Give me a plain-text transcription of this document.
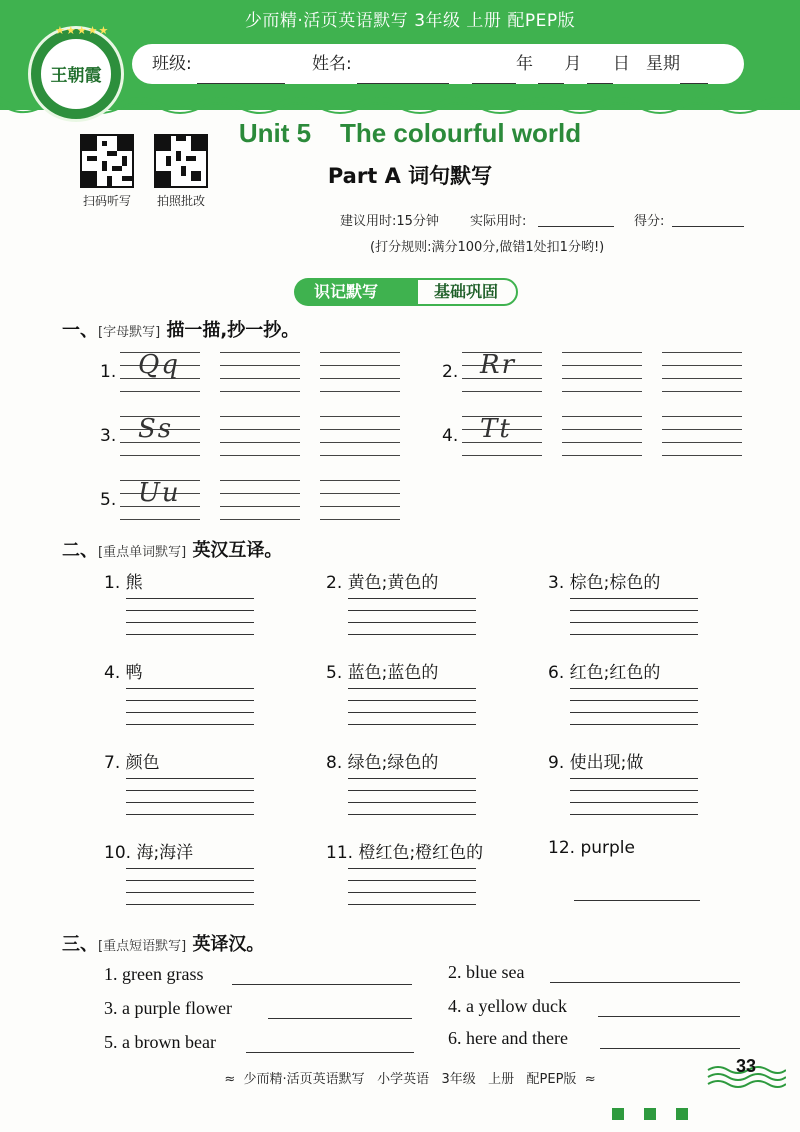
少而精·活页英语默写 3年级 上册 配PEP版
王朝霞
★★★★★
班级:	姓名:	年 月 日 星期
扫码听写	拍照批改
Unit 5    The colourful world
Part A 词句默写
建议用时:15分钟 实际用时:	得分:
(打分规则:满分100分,做错1处扣1分哟!)
识记默写	基础巩固
一、[字母默写] 描一描,抄一抄。
1. Qq	2. Rr
3. Ss	4. Tt
5. Uu
二、[重点单词默写] 英汉互译。
1. 熊	2. 黄色;黄色的	3. 棕色;棕色的
4. 鸭	5. 蓝色;蓝色的	6. 红色;红色的
7. 颜色	8. 绿色;绿色的	9. 使出现;做
10. 海;海洋	11. 橙红色;橙红色的	12. purple
三、[重点短语默写] 英译汉。
1. green grass	2. blue sea
3. a purple flower	4. a yellow duck
5. a brown bear	6. here and there
≈  少而精·活页英语默写   小学英语   3年级   上册   配PEP版  ≈
33
